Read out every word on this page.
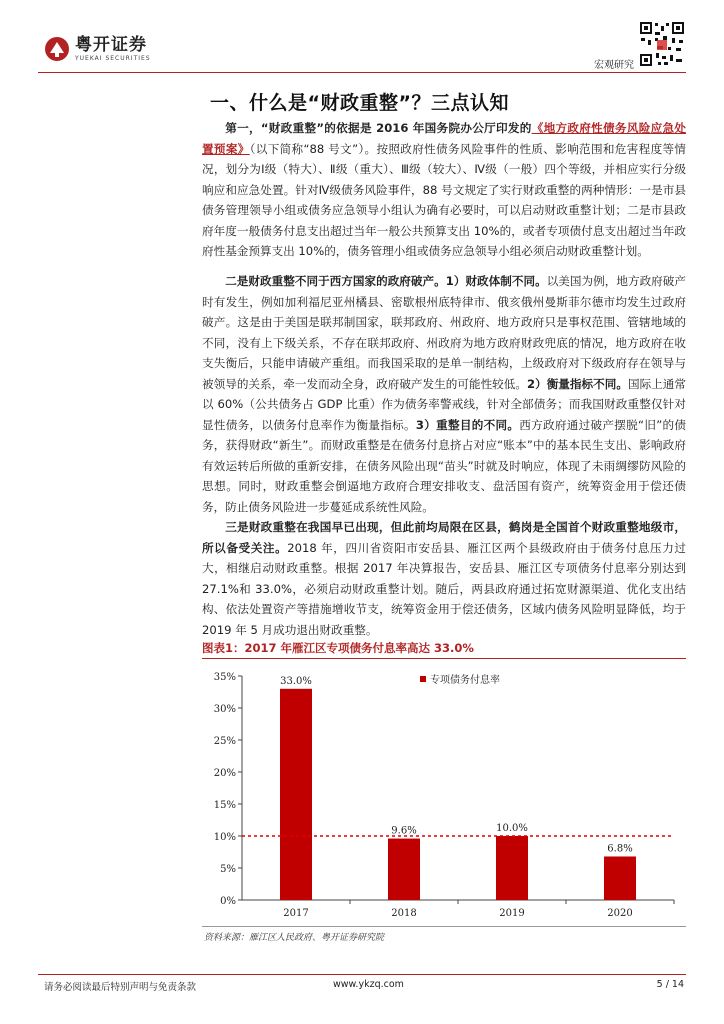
粤开证券
YUEKAI SECURITIES
宏观研究
一、什么是“财政重整”？三点认知

第一，“财政重整”的依据是 2016 年国务院办公厅印发的《地方政府性债务风险应急处置预案》（以下简称“88 号文”）。按照政府性债务风险事件的性质、影响范围和危害程度等情况，划分为Ⅰ级（特大）、Ⅱ级（重大）、Ⅲ级（较大）、Ⅳ级（一般）四个等级，并相应实行分级响应和应急处置。针对Ⅳ级债务风险事件，88 号文规定了实行财政重整的两种情形：一是市县债务管理领导小组或债务应急领导小组认为确有必要时，可以启动财政重整计划；二是市县政府年度一般债务付息支出超过当年一般公共预算支出 10%的，或者专项债付息支出超过当年政府性基金预算支出 10%的，债务管理小组或债务应急领导小组必须启动财政重整计划。

二是财政重整不同于西方国家的政府破产。1）财政体制不同。以美国为例，地方政府破产时有发生，例如加利福尼亚州橘县、密歇根州底特律市、俄亥俄州曼斯菲尔德市均发生过政府破产。这是由于美国是联邦制国家，联邦政府、州政府、地方政府只是事权范围、管辖地域的不同，没有上下级关系，不存在联邦政府、州政府为地方政府财政兜底的情况，地方政府在收支失衡后，只能申请破产重组。而我国采取的是单一制结构，上级政府对下级政府存在领导与被领导的关系，牵一发而动全身，政府破产发生的可能性较低。2）衡量指标不同。国际上通常以 60%（公共债务占 GDP 比重）作为债务率警戒线，针对全部债务；而我国财政重整仅针对显性债务，以债务付息率作为衡量指标。3）重整目的不同。西方政府通过破产摆脱“旧”的债务，获得财政“新生”。而财政重整是在债务付息挤占对应“账本”中的基本民生支出、影响政府有效运转后所做的重新安排，在债务风险出现“苗头”时就及时响应，体现了未雨绸缪防风险的思想。同时，财政重整会倒逼地方政府合理安排收支、盘活国有资产，统筹资金用于偿还债务，防止债务风险进一步蔓延成系统性风险。

三是财政重整在我国早已出现，但此前均局限在区县，鹤岗是全国首个财政重整地级市，所以备受关注。2018 年，四川省资阳市安岳县、雁江区两个县级政府由于债务付息压力过大，相继启动财政重整。根据 2017 年决算报告，安岳县、雁江区专项债务付息率分别达到 27.1%和 33.0%，必须启动财政重整计划。随后，两县政府通过拓宽财源渠道、优化支出结构、依法处置资产等措施增收节支，统筹资金用于偿还债务，区域内债务风险明显降低，均于 2019 年 5 月成功退出财政重整。

图表1：2017 年雁江区专项债务付息率高达 33.0%
0%
5%
10%
15%
20%
25%
30%
35%	33.0%
2017
9.6%
2018
10.0%
2019
6.8%
2020
专项债务付息率
资料来源：雁江区人民政府、粤开证券研究院
请务必阅读最后特别声明与免责条款	www.ykzq.com	5 / 14
